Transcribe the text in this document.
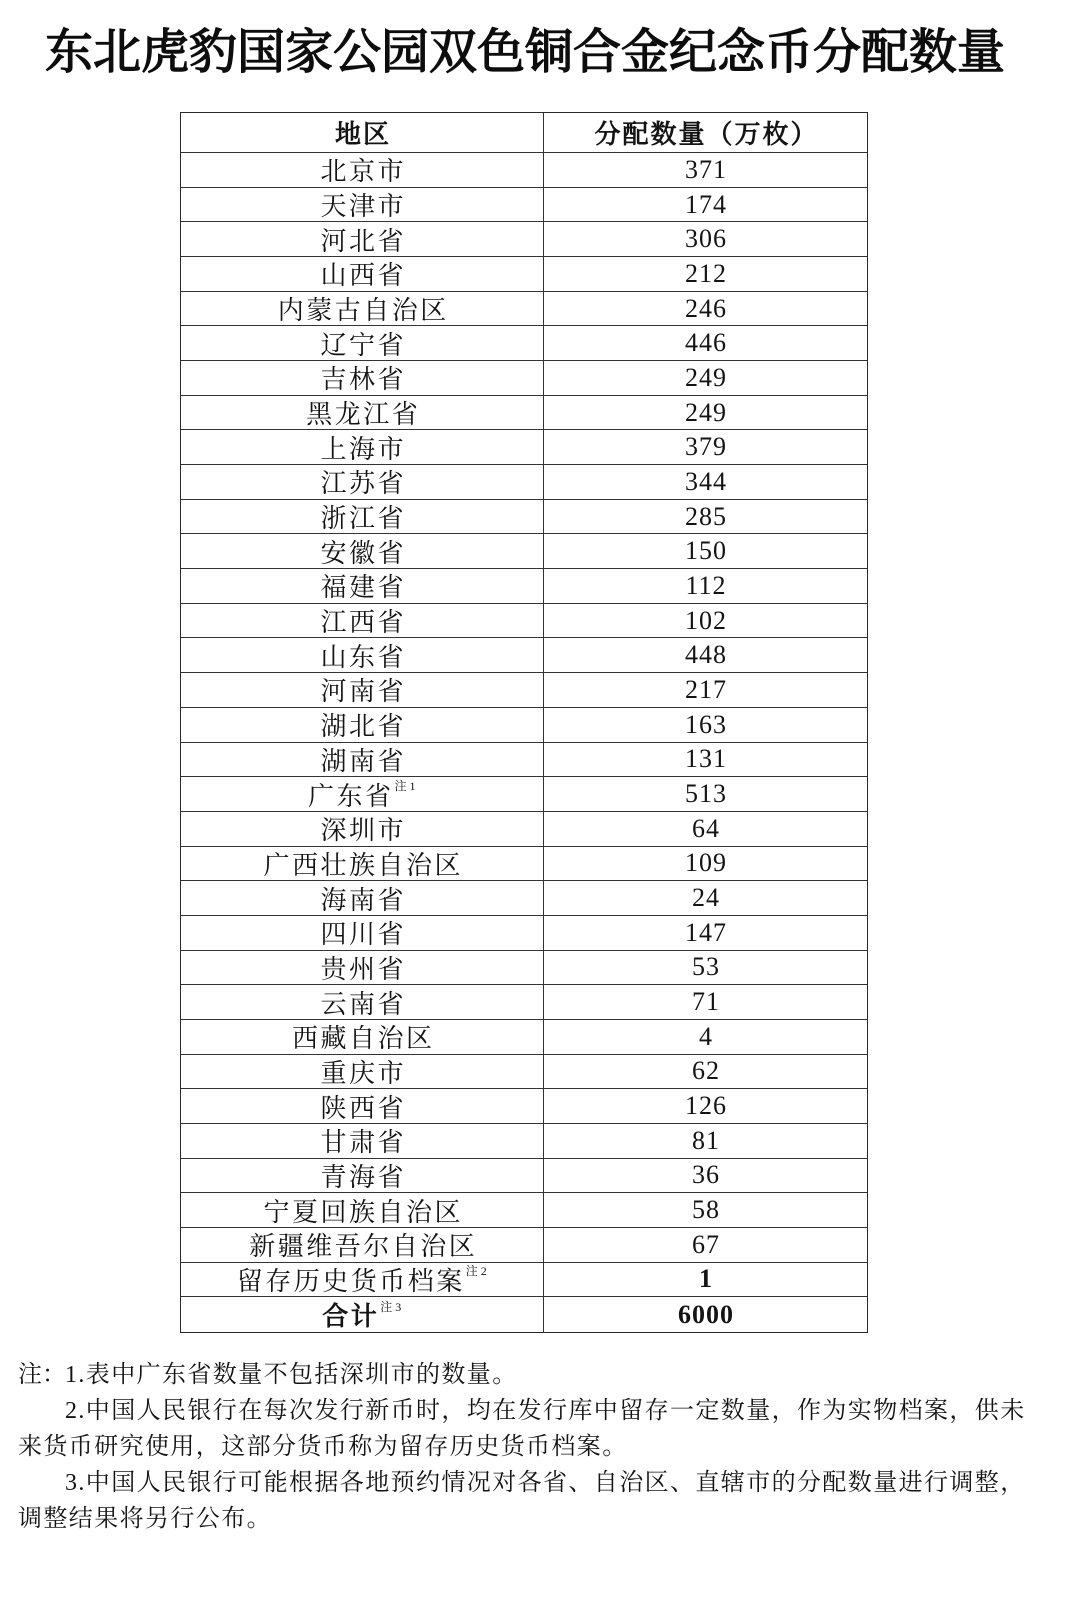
东北虎豹国家公园双色铜合金纪念币分配数量
地区	分配数量（万枚）
北京市	371
天津市	174
河北省	306
山西省	212
内蒙古自治区	246
辽宁省	446
吉林省	249
黑龙江省	249
上海市	379
江苏省	344
浙江省	285
安徽省	150
福建省	112
江西省	102
山东省	448
河南省	217
湖北省	163
湖南省	131
广东省$^{注1}$	513
深圳市	64
广西壮族自治区	109
海南省	24
四川省	147
贵州省	53
云南省	71
西藏自治区	4
重庆市	62
陕西省	126
甘肃省	81
青海省	36
宁夏回族自治区	58
新疆维吾尔自治区	67
留存历史货币档案$^{注2}$	1
合计$^{注3}$	6000
注：1.表中广东省数量不包括深圳市的数量。
2.中国人民银行在每次发行新币时，均在发行库中留存一定数量，作为实物档案，供未
来货币研究使用，这部分货币称为留存历史货币档案。
3.中国人民银行可能根据各地预约情况对各省、自治区、直辖市的分配数量进行调整，
调整结果将另行公布。
